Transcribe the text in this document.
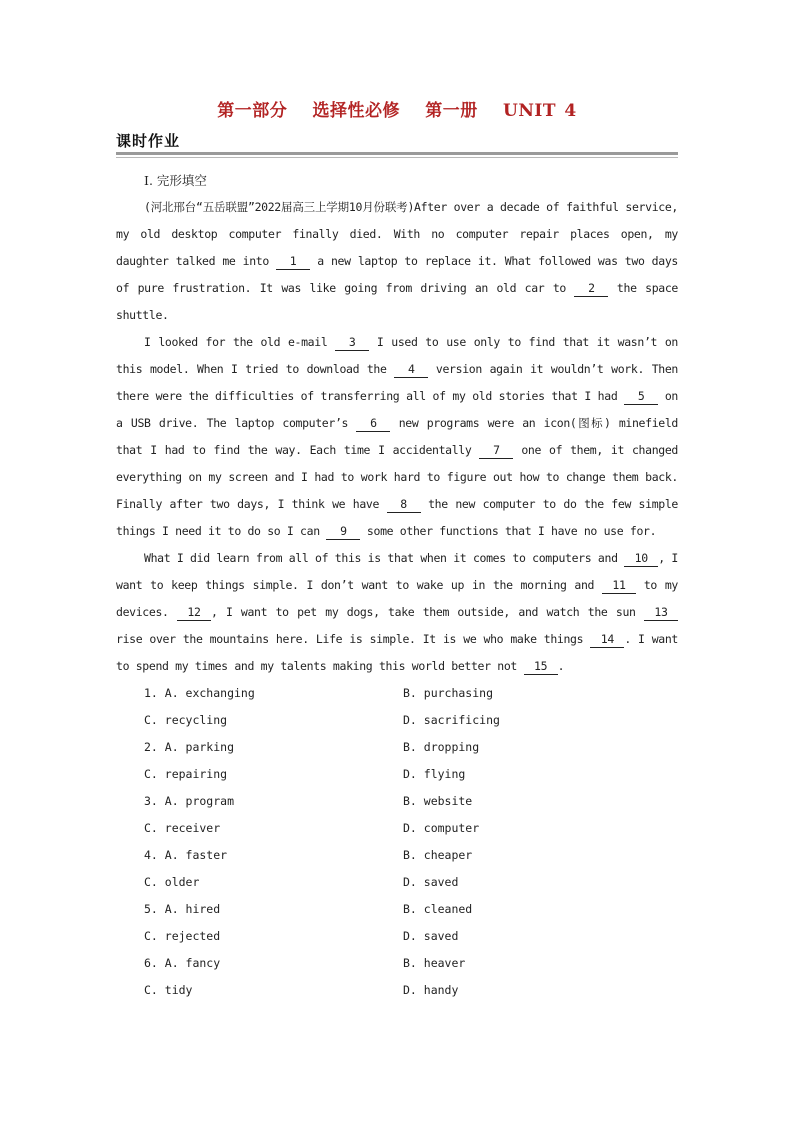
第一部分   选择性必修   第一册   UNIT 4
课时作业
Ⅰ. 完形填空

(河北邢台“五岳联盟”2022届高三上学期10月份联考)After over a decade of faithful service, my old desktop computer finally died. With no computer repair places open, my daughter talked me into 1 a new laptop to replace it. What followed was two days of pure frustration. It was like going from driving an old car to 2 the space shuttle.

I looked for the old e-mail 3 I used to use only to find that it wasn’t on this model. When I tried to download the 4 version again it wouldn’t work. Then there were the difficulties of transferring all of my old stories that I had 5 on a USB drive. The laptop computer’s 6 new programs were an icon(图标) minefield that I had to find the way. Each time I accidentally 7 one of them, it changed everything on my screen and I had to work hard to figure out how to change them back. Finally after two days, I think we have 8 the new computer to do the few simple things I need it to do so I can 9 some other functions that I have no use for.

What I did learn from all of this is that when it comes to computers and 10 , I want to keep things simple. I don’t want to wake up in the morning and 11 to my devices. 12 , I want to pet my dogs, take them outside, and watch the sun 13 rise over the mountains here. Life is simple. It is we who make things 14 . I want to spend my times and my talents making this world better not 15 .

1. A. exchanging	B. purchasing
C. recycling	D. sacrificing
2. A. parking	B. dropping
C. repairing	D. flying
3. A. program	B. website
C. receiver	D. computer
4. A. faster	B. cheaper
C. older	D. saved
5. A. hired	B. cleaned
C. rejected	D. saved
6. A. fancy	B. heaver
C. tidy	D. handy
